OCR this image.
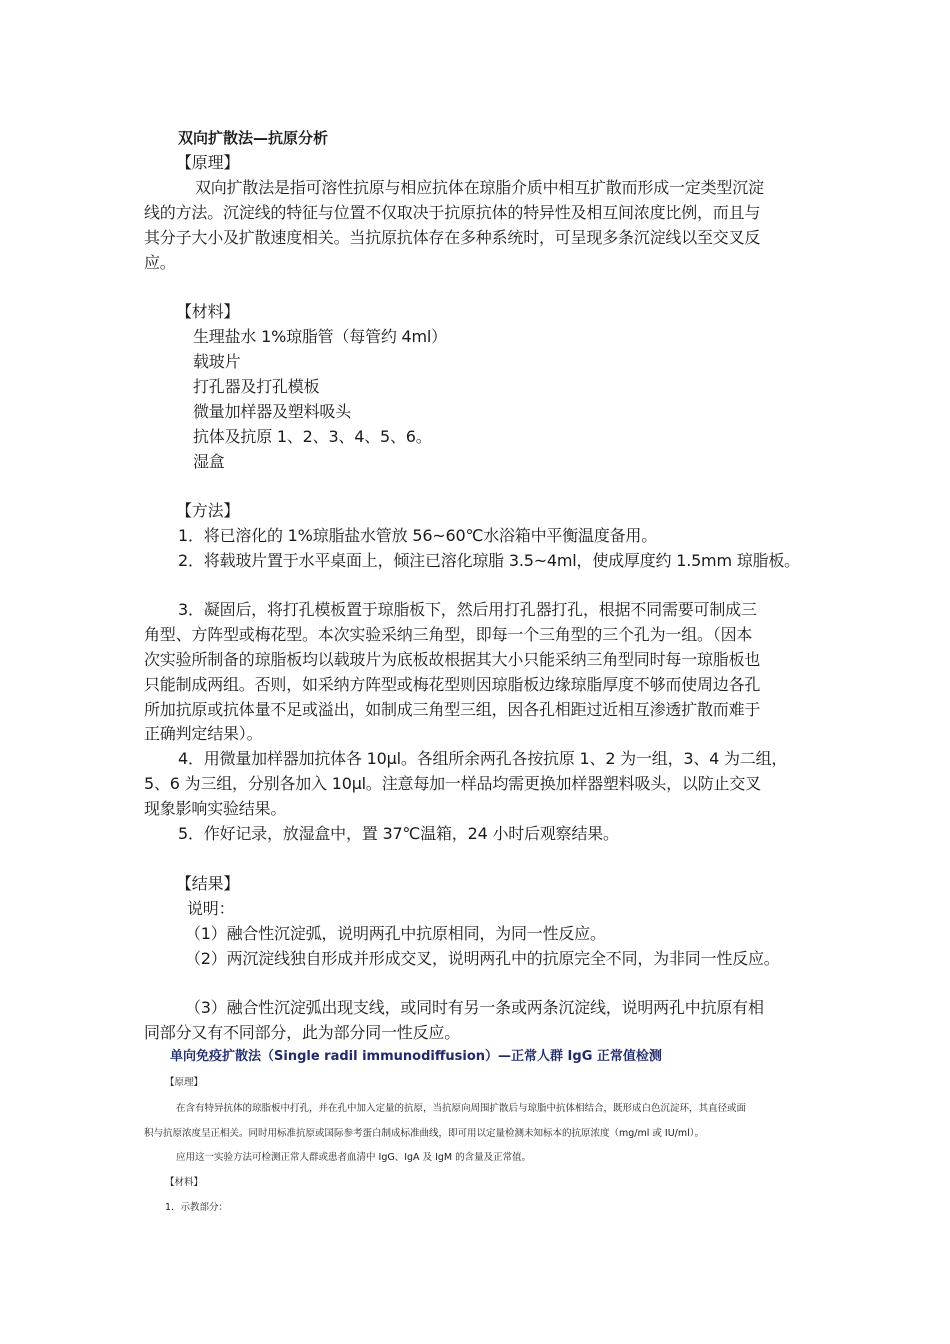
双向扩散法—抗原分析
【原理】
双向扩散法是指可溶性抗原与相应抗体在琼脂介质中相互扩散而形成一定类型沉淀
线的方法。沉淀线的特征与位置不仅取决于抗原抗体的特异性及相互间浓度比例，而且与
其分子大小及扩散速度相关。当抗原抗体存在多种系统时，可呈现多条沉淀线以至交叉反
应。
【材料】
生理盐水 1%琼脂管（每管约 4ml）
载玻片
打孔器及打孔模板
微量加样器及塑料吸头
抗体及抗原 1、2、3、4、5、6。
湿盒
【方法】
1．将已溶化的 1%琼脂盐水管放 56~60℃水浴箱中平衡温度备用。
2．将载玻片置于水平桌面上，倾注已溶化琼脂 3.5~4ml，使成厚度约 1.5mm 琼脂板。
3．凝固后，将打孔模板置于琼脂板下，然后用打孔器打孔，根据不同需要可制成三
角型、方阵型或梅花型。本次实验采纳三角型，即每一个三角型的三个孔为一组。（因本
次实验所制备的琼脂板均以载玻片为底板故根据其大小只能采纳三角型同时每一琼脂板也
只能制成两组。否则，如采纳方阵型或梅花型则因琼脂板边缘琼脂厚度不够而使周边各孔
所加抗原或抗体量不足或溢出，如制成三角型三组，因各孔相距过近相互渗透扩散而难于
正确判定结果）。
4．用微量加样器加抗体各 10μl。各组所余两孔各按抗原 1、2 为一组，3、4 为二组，
5、6 为三组，分别各加入 10μl。注意每加一样品均需更换加样器塑料吸头，以防止交叉
现象影响实验结果。
5．作好记录，放湿盒中，置 37℃温箱，24 小时后观察结果。
【结果】
说明：
（1）融合性沉淀弧，说明两孔中抗原相同，为同一性反应。
（2）两沉淀线独自形成并形成交叉，说明两孔中的抗原完全不同，为非同一性反应。
（3）融合性沉淀弧出现支线，或同时有另一条或两条沉淀线，说明两孔中抗原有相
同部分又有不同部分，此为部分同一性反应。
单向免疫扩散法（Single radil immunodiffusion）—正常人群 IgG 正常值检测
【原理】
在含有特异抗体的琼脂板中打孔，并在孔中加入定量的抗原，当抗原向周围扩散后与琼脂中抗体相结合，既形成白色沉淀环，其直径或面
积与抗原浓度呈正相关。同时用标准抗原或国际参考蛋白制成标准曲线，即可用以定量检测未知标本的抗原浓度（mg/ml 或 IU/ml）。
应用这一实验方法可检测正常人群或患者血清中 IgG、IgA 及 IgM 的含量及正常值。
【材料】
1．示教部分：
